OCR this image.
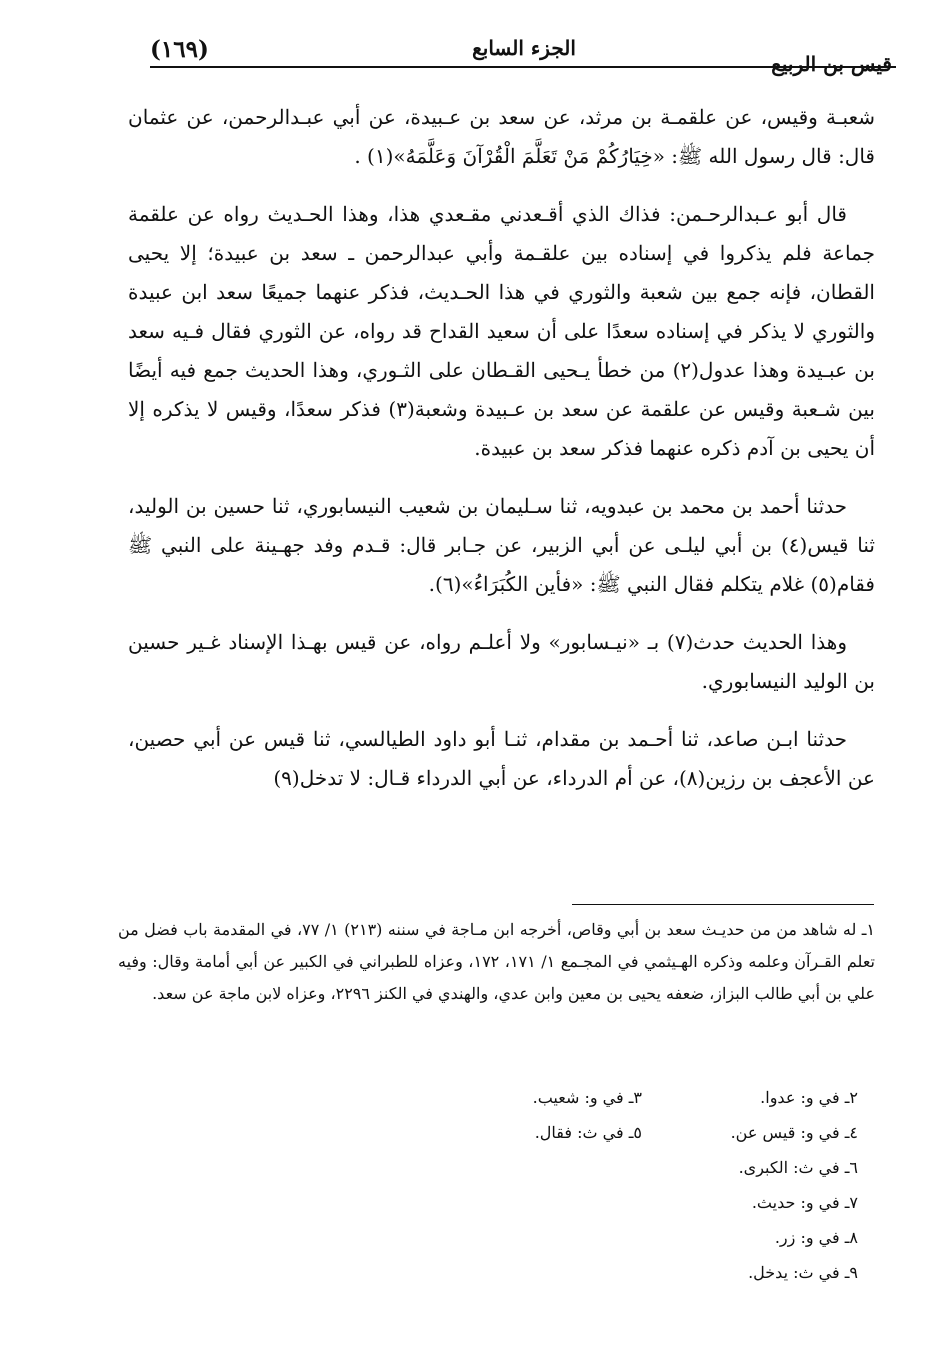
قيس بن الربيع
الجزء السابع
(١٦٩)

شعبـة وقيس، عن علقمـة بن مرثد، عن سعد بن عـبيدة، عن أبي عبـدالرحمن، عن عثمان قال: قال رسول الله ﷺ: «خِيَارُكُمْ مَنْ تَعَلَّمَ الْقُرْآنَ وَعَلَّمَهُ»(١) .

قال أبو عـبدالرحـمن: فذاك الذي أقـعدني مقـعدي هذا، وهذا الحـديث رواه عن علقمة جماعة فلم يذكروا في إسناده بين علقـمة وأبي عبدالرحمن ـ سعد بن عبيدة؛ إلا يحيى القطان، فإنه جمع بين شعبة والثوري في هذا الحـديث، فذكر عنهما جميعًا سعد ابن عبيدة والثوري لا يذكر في إسناده سعدًا على أن سعيد القداح قد رواه، عن الثوري فقال فـيه سعد بن عبـيدة وهذا عدول(٢) من خطأ يـحيى القـطان على الثـوري، وهذا الحديث جمع فيه أيضًا بين شـعبة وقيس عن علقمة عن سعد بن عـبيدة وشعبة(٣) فذكر سعدًا، وقيس لا يذكره إلا أن يحيى بن آدم ذكره عنهما فذكر سعد بن عبيدة.

حدثنا أحمد بن محمد بن عبدويه، ثنا سـليمان بن شعيب النيسابوري، ثنا حسين بن الوليد، ثنا قيس(٤) بن أبي ليلـى عن أبي الزبير، عن جـابر قال: قـدم وفد جهـينة على النبي ﷺ فقام(٥) غلام يتكلم فقال النبي ﷺ: «فأين الكُبَرَاءُ»(٦).

وهذا الحديث حدث(٧) بـ «نيـسابور» ولا أعلـم رواه، عن قيس بهـذا الإسناد غـير حسين بن الوليد النيسابوري.

حدثنا ابـن صاعد، ثنا أحـمد بن مقدام، ثنـا أبو داود الطيالسي، ثنا قيس عن أبي حصين، عن الأعجف بن رزين(٨)، عن أم الدرداء، عن أبي الدرداء قـال: لا تدخل(٩)

١ـ له شاهد من من حديـث سعد بن أبي وقاص، أخرجه ابن مـاجة في سننه (٢١٣) ١/ ٧٧، في المقدمة باب فضل من تعلم القـرآن وعلمه وذكره الهـيثمي في المجـمع ١/ ١٧١، ١٧٢، وعزاه للطبراني في الكبير عن أبي أمامة وقال: وفيه علي بن أبي طالب البزاز، ضعفه يحيى بن معين وابن عدي، والهندي في الكنز ٢٢٩٦، وعزاه لابن ماجة عن سعد.

٢ـ في و: عدوا.
٣ـ في و: شعيب.
٤ـ في و: قيس عن.
٥ـ في ث: فقال.
٦ـ في ث: الكبرى.
٧ـ في و: حديث.
٨ـ في و: زر.
٩ـ في ث: يدخل.
